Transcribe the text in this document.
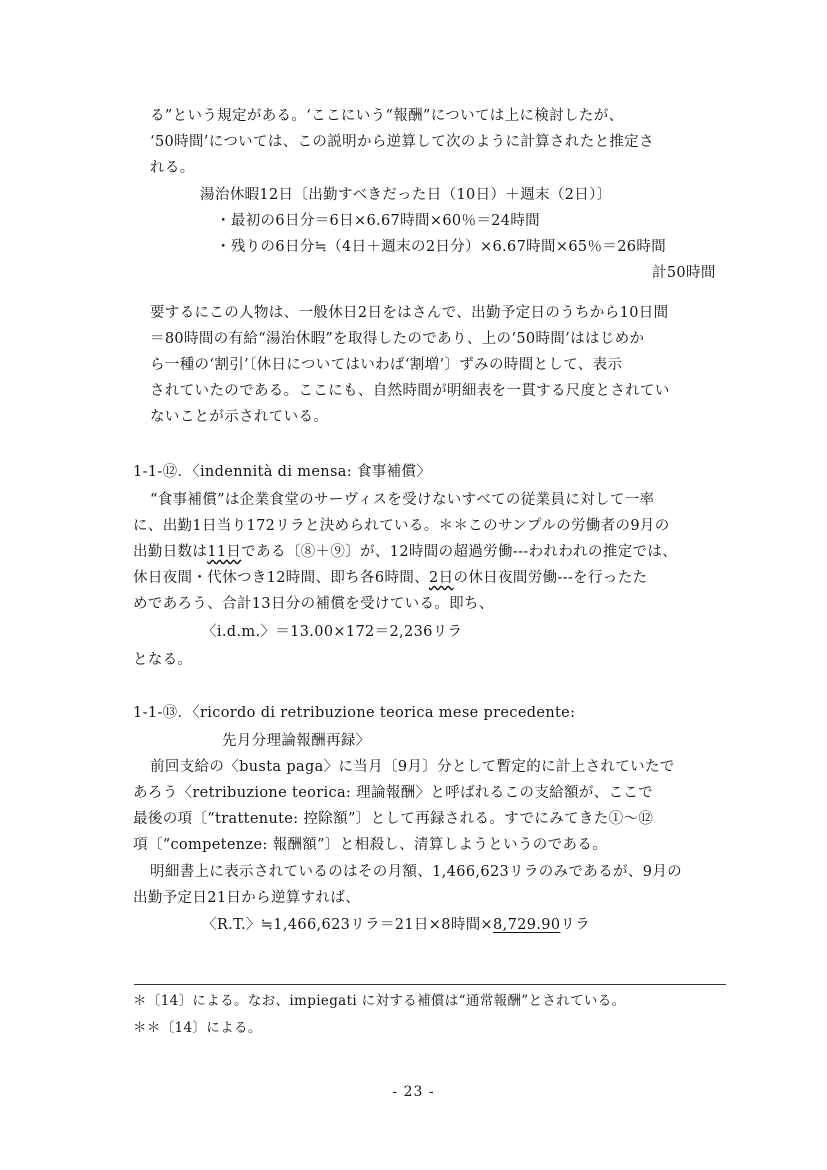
る”という規定がある。‘ここにいう“報酬”については上に検討したが、
‘50時間’については、この説明から逆算して次のように計算されたと推定さ
れる。
湯治休暇12日〔出勤すべきだった日（10日）＋週末（2日）〕
・最初の6日分＝6日×6.67時間×60％＝24時間
・残りの6日分≒（4日＋週末の2日分）×6.67時間×65％＝26時間
計50時間
要するにこの人物は、一般休日2日をはさんで、出勤予定日のうちから10日間
＝80時間の有給“湯治休暇”を取得したのであり、上の‘50時間’ははじめか
ら一種の‘割引’〔休日についてはいわば‘割増’〕ずみの時間として、表示
されていたのである。ここにも、自然時間が明細表を一貫する尺度とされてい
ないことが示されている。
1-1-⑫．〈indennità di mensa: 食事補償〉
“食事補償”は企業食堂のサーヴィスを受けないすべての従業員に対して一率
に、出勤1日当り172リラと決められている。＊＊このサンプルの労働者の9月の
出勤日数は11日である〔⑧＋⑨〕が、12時間の超過労働---われわれの推定では、
休日夜間・代休つき12時間、即ち各6時間、2日の休日夜間労働---を行ったた
めであろう、合計13日分の補償を受けている。即ち、
〈i.d.m.〉＝13.00×172＝2,236リラ
となる。
1-1-⑬．〈ricordo di retribuzione teorica mese precedente:
先月分理論報酬再録〉
前回支給の〈busta paga〉に当月〔9月〕分として暫定的に計上されていたで
あろう〈retribuzione teorica: 理論報酬〉と呼ばれるこの支給額が、ここで
最後の項〔“trattenute: 控除額”〕として再録される。すでにみてきた①～⑫
項〔“competenze: 報酬額”〕と相殺し、清算しようというのである。
明細書上に表示されているのはその月額、1,466,623リラのみであるが、9月の
出勤予定日21日から逆算すれば、
〈R.T.〉≒1,466,623リラ＝21日×8時間×8,729.90リラ
＊〔14〕による。なお、impiegati に対する補償は“通常報酬”とされている。
＊＊〔14〕による。
- 23 -
